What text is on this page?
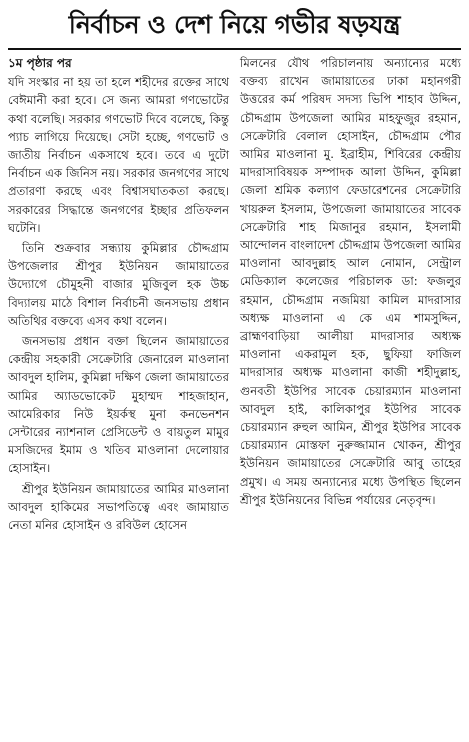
নির্বাচন ও দেশ নিয়ে গভীর ষড়যন্ত্র
১ম পৃষ্ঠার পর

যদি সংস্কার না হয় তা হলে শহীদের রক্তের সাথে বেঈমানী করা হবে। সে জন্য আমরা গণভোটের কথা বলেছি। সরকার গণভোট দিবে বলেছে, কিন্তু প্যাচ লাগিয়ে দিয়েছে। সেটা হচ্ছে, গণভোট ও জাতীয় নির্বাচন একসাথে হবে। তবে এ দুটো নির্বাচন এক জিনিস নয়। সরকার জনগণের সাথে প্রতারণা করছে এবং বিশ্বাসঘাতকতা করছে। সরকারের সিদ্ধান্তে জনগণের ইচ্ছার প্রতিফলন ঘটেনি।

তিনি শুক্রবার সন্ধ্যায় কুমিল্লার চৌদ্দগ্রাম উপজেলার শ্রীপুর ইউনিয়ন জামায়াতের উদ্যোগে চৌমুহনী বাজার মুজিবুল হক উচ্চ বিদ্যালয় মাঠে বিশাল নির্বাচনী জনসভায় প্রধান অতিথির বক্তব্যে এসব কথা বলেন।

জনসভায় প্রধান বক্তা ছিলেন জামায়াতের কেন্দ্রীয় সহকারী সেক্রেটারি জেনারেল মাওলানা আবদুল হালিম, কুমিল্লা দক্ষিণ জেলা জামায়াতের আমির অ্যাডভোকেট মুহাম্মদ শাহজাহান, আমেরিকার নিউ ইয়র্কস্থ মুনা কনভেনশন সেন্টারের ন্যাশনাল প্রেসিডেন্ট ও বায়তুল মামুর মসজিদের ইমাম ও খতিব মাওলানা দেলোয়ার হোসাইন।

শ্রীপুর ইউনিয়ন জামায়াতের আমির মাওলানা আবদুল হাকিমের সভাপতিত্বে এবং জামায়াত নেতা মনির হোসাইন ও রবিউল হোসেন

মিলনের যৌথ পরিচালনায় অন্যান্যের মধ্যে বক্তব্য রাখেন জামায়াতের ঢাকা মহানগরী উত্তরের কর্ম পরিষদ সদস্য ভিপি শাহাব উদ্দিন, চৌদ্দগ্রাম উপজেলা আমির মাহফুজুর রহমান, সেক্রেটারি বেলাল হোসাইন, চৌদ্দগ্রাম পৌর আমির মাওলানা মু. ইব্রাহীম, শিবিরের কেন্দ্রীয় মাদরাসাবিষয়ক সম্পাদক আলা উদ্দিন, কুমিল্লা জেলা শ্রমিক কল্যাণ ফেডারেশনের সেক্রেটারি খায়রুল ইসলাম, উপজেলা জামায়াতের সাবেক সেক্রেটারি শাহ মিজানুর রহমান, ইসলামী আন্দোলন বাংলাদেশ চৌদ্দগ্রাম উপজেলা আমির মাওলানা আবদুল্লাহ আল নোমান, সেন্ট্রাল মেডিক্যাল কলেজের পরিচালক ডা: ফজলুর রহমান, চৌদ্দগ্রাম নজমিয়া কামিল মাদরাসার অধ্যক্ষ মাওলানা এ কে এম শামসুদ্দিন, ব্রাহ্মণবাড়িয়া আলীয়া মাদরাসার অধ্যক্ষ মাওলানা একরামুল হক, ছুফিয়া ফাজিল মাদরাসার অধ্যক্ষ মাওলানা কাজী শহীদুল্লাহ, গুনবতী ইউপির সাবেক চেয়ারম্যান মাওলানা আবদুল হাই, কালিকাপুর ইউপির সাবেক চেয়ারম্যান রুহুল আমিন, শ্রীপুর ইউপির সাবেক চেয়ারম্যান মোস্তফা নুরুজ্জামান খোকন, শ্রীপুর ইউনিয়ন জামায়াতের সেক্রেটারি আবু তাহের প্রমুখ। এ সময় অন্যান্যের মধ্যে উপস্থিত ছিলেন শ্রীপুর ইউনিয়নের বিভিন্ন পর্যায়ের নেতৃবৃন্দ।
